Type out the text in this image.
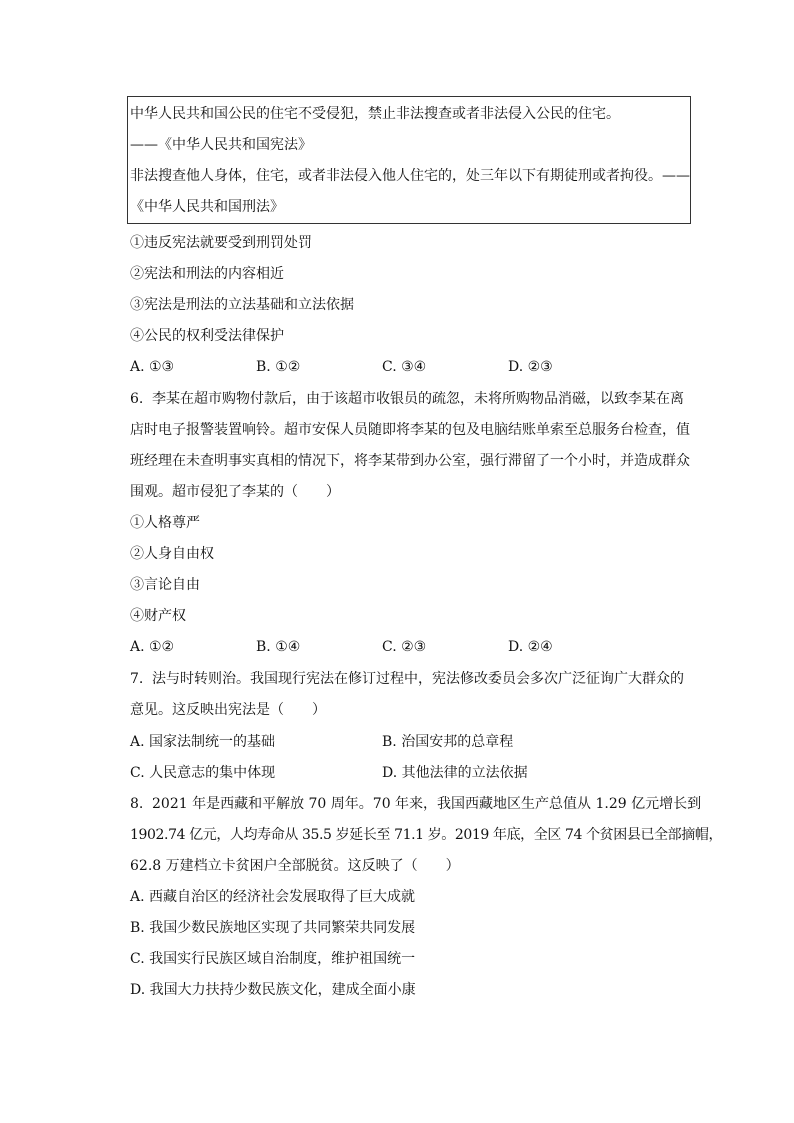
中华人民共和国公民的住宅不受侵犯，禁止非法搜查或者非法侵入公民的住宅。
——《中华人民共和国宪法》
非法搜查他人身体，住宅，或者非法侵入他人住宅的，处三年以下有期徒刑或者拘役。——
《中华人民共和国刑法》
①违反宪法就要受到刑罚处罚
②宪法和刑法的内容相近
③宪法是刑法的立法基础和立法依据
④公民的权利受法律保护
A. ①③	B. ①②	C. ③④	D. ②③
6. 李某在超市购物付款后，由于该超市收银员的疏忽，未将所购物品消磁，以致李某在离
店时电子报警装置响铃。超市安保人员随即将李某的包及电脑结账单索至总服务台检查，值
班经理在未查明事实真相的情况下，将李某带到办公室，强行滞留了一个小时，并造成群众
围观。超市侵犯了李某的（　　）
①人格尊严
②人身自由权
③言论自由
④财产权
A. ①②	B. ①④	C. ②③	D. ②④
7. 法与时转则治。我国现行宪法在修订过程中，宪法修改委员会多次广泛征询广大群众的
意见。这反映出宪法是（　　）
A. 国家法制统一的基础	B. 治国安邦的总章程
C. 人民意志的集中体现	D. 其他法律的立法依据
8. 2021 年是西藏和平解放 70 周年。70 年来，我国西藏地区生产总值从 1.29 亿元增长到
1902.74 亿元，人均寿命从 35.5 岁延长至 71.1 岁。2019 年底，全区 74 个贫困县已全部摘帽，
62.8 万建档立卡贫困户全部脱贫。这反映了（　　）
A. 西藏自治区的经济社会发展取得了巨大成就
B. 我国少数民族地区实现了共同繁荣共同发展
C. 我国实行民族区域自治制度，维护祖国统一
D. 我国大力扶持少数民族文化，建成全面小康
